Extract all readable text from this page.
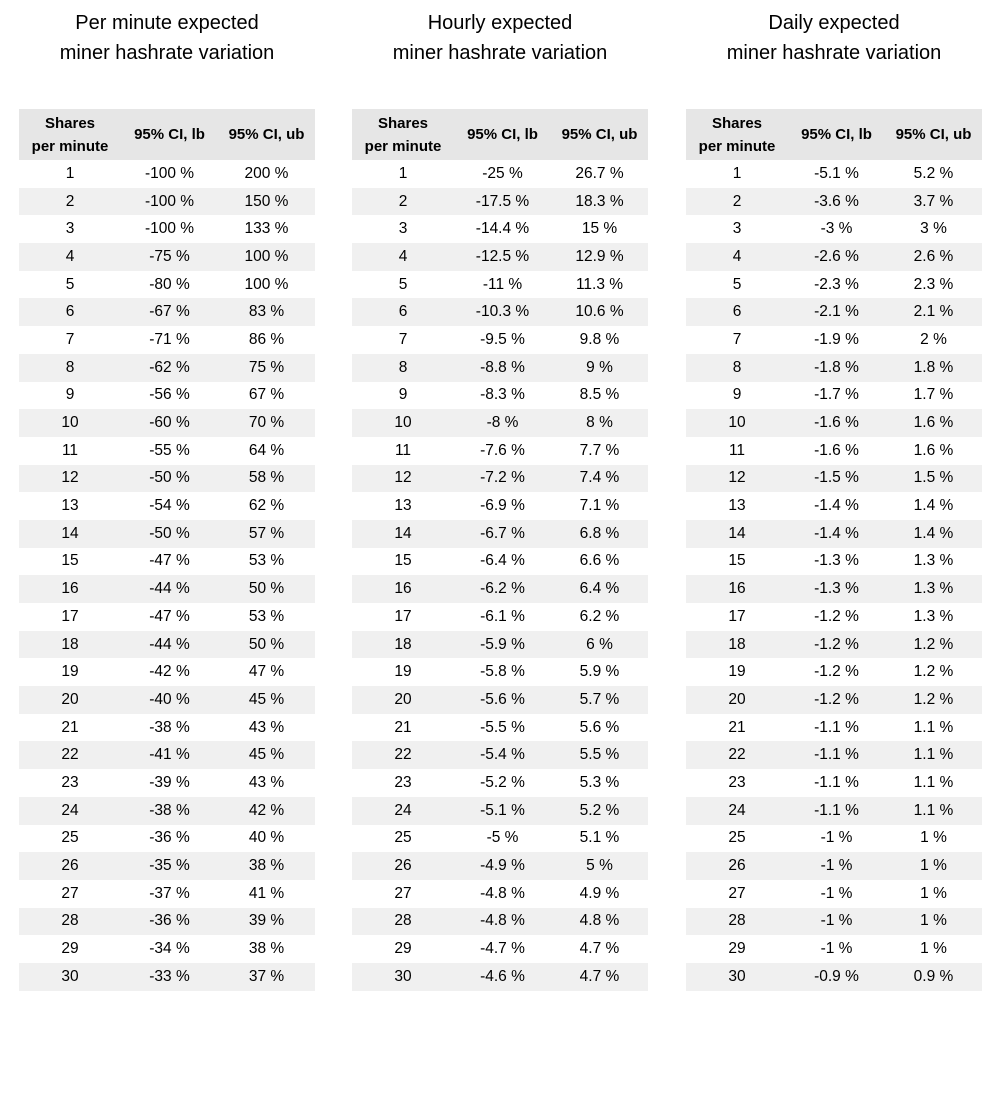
Per minute expected
miner hashrate variation
Shares
per minute	95% CI, lb	95% CI, ub

1	-100 %	200 %
2	-100 %	150 %
3	-100 %	133 %
4	-75 %	100 %
5	-80 %	100 %
6	-67 %	83 %
7	-71 %	86 %
8	-62 %	75 %
9	-56 %	67 %
10	-60 %	70 %
11	-55 %	64 %
12	-50 %	58 %
13	-54 %	62 %
14	-50 %	57 %
15	-47 %	53 %
16	-44 %	50 %
17	-47 %	53 %
18	-44 %	50 %
19	-42 %	47 %
20	-40 %	45 %
21	-38 %	43 %
22	-41 %	45 %
23	-39 %	43 %
24	-38 %	42 %
25	-36 %	40 %
26	-35 %	38 %
27	-37 %	41 %
28	-36 %	39 %
29	-34 %	38 %
30	-33 %	37 %
Hourly expected
miner hashrate variation
Shares
per minute	95% CI, lb	95% CI, ub

1	-25 %	26.7 %
2	-17.5 %	18.3 %
3	-14.4 %	15 %
4	-12.5 %	12.9 %
5	-11 %	11.3 %
6	-10.3 %	10.6 %
7	-9.5 %	9.8 %
8	-8.8 %	9 %
9	-8.3 %	8.5 %
10	-8 %	8 %
11	-7.6 %	7.7 %
12	-7.2 %	7.4 %
13	-6.9 %	7.1 %
14	-6.7 %	6.8 %
15	-6.4 %	6.6 %
16	-6.2 %	6.4 %
17	-6.1 %	6.2 %
18	-5.9 %	6 %
19	-5.8 %	5.9 %
20	-5.6 %	5.7 %
21	-5.5 %	5.6 %
22	-5.4 %	5.5 %
23	-5.2 %	5.3 %
24	-5.1 %	5.2 %
25	-5 %	5.1 %
26	-4.9 %	5 %
27	-4.8 %	4.9 %
28	-4.8 %	4.8 %
29	-4.7 %	4.7 %
30	-4.6 %	4.7 %
Daily expected
miner hashrate variation
Shares
per minute	95% CI, lb	95% CI, ub

1	-5.1 %	5.2 %
2	-3.6 %	3.7 %
3	-3 %	3 %
4	-2.6 %	2.6 %
5	-2.3 %	2.3 %
6	-2.1 %	2.1 %
7	-1.9 %	2 %
8	-1.8 %	1.8 %
9	-1.7 %	1.7 %
10	-1.6 %	1.6 %
11	-1.6 %	1.6 %
12	-1.5 %	1.5 %
13	-1.4 %	1.4 %
14	-1.4 %	1.4 %
15	-1.3 %	1.3 %
16	-1.3 %	1.3 %
17	-1.2 %	1.3 %
18	-1.2 %	1.2 %
19	-1.2 %	1.2 %
20	-1.2 %	1.2 %
21	-1.1 %	1.1 %
22	-1.1 %	1.1 %
23	-1.1 %	1.1 %
24	-1.1 %	1.1 %
25	-1 %	1 %
26	-1 %	1 %
27	-1 %	1 %
28	-1 %	1 %
29	-1 %	1 %
30	-0.9 %	0.9 %
